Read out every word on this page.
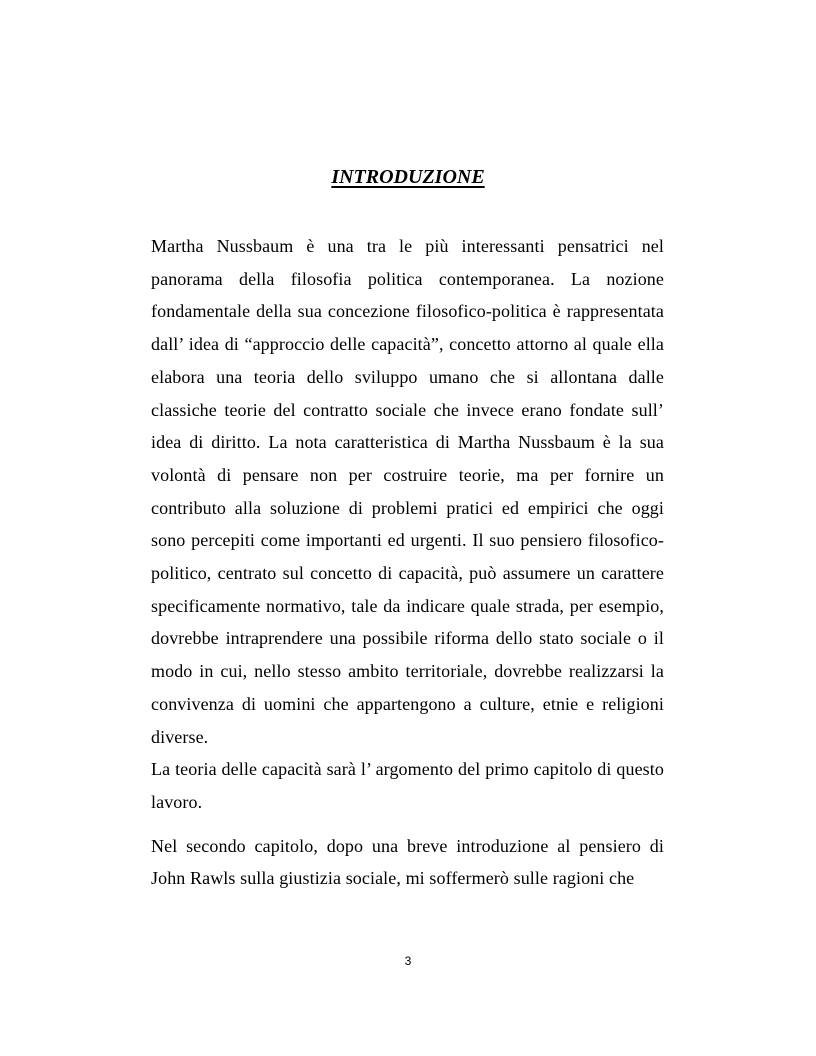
INTRODUZIONE

Martha Nussbaum è una tra le più interessanti pensatrici nel panorama della filosofia politica contemporanea. La nozione fondamentale della sua concezione filosofico-politica è rappresentata dall’ idea di “approccio delle capacità”, concetto attorno al quale ella elabora una teoria dello sviluppo umano che si allontana dalle classiche teorie del contratto sociale che invece erano fondate sull’ idea di diritto. La nota caratteristica di Martha Nussbaum è la sua volontà di pensare non per costruire teorie, ma per fornire un contributo alla soluzione di problemi pratici ed empirici che oggi sono percepiti come importanti ed urgenti. Il suo pensiero filosofico-politico, centrato sul concetto di capacità, può assumere un carattere specificamente normativo, tale da indicare quale strada, per esempio, dovrebbe intraprendere una possibile riforma dello stato sociale o il modo in cui, nello stesso ambito territoriale, dovrebbe realizzarsi la convivenza di uomini che appartengono a culture, etnie e religioni diverse.

La teoria delle capacità sarà l’ argomento del primo capitolo di questo lavoro.

Nel secondo capitolo, dopo una breve introduzione al pensiero di John Rawls sulla giustizia sociale, mi soffermerò sulle ragioni che

3
